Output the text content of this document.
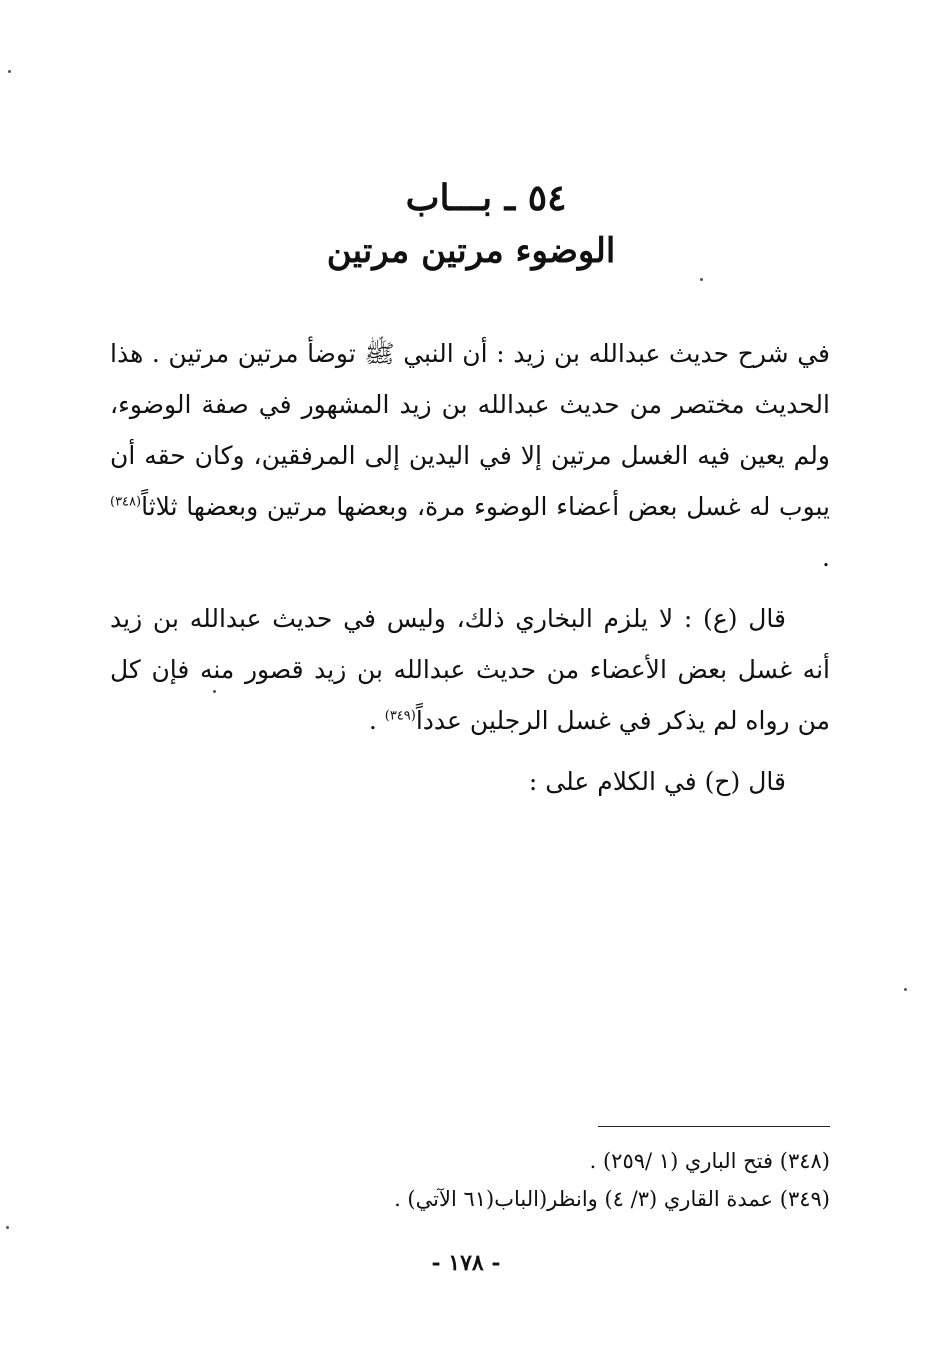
٥٤ ـ بـــاب
الوضوء مرتين مرتين

في شرح حديث عبدالله بن زيد : أن النبي ﷺ توضأ مرتين مرتين . هذا الحديث مختصر من حديث عبدالله بن زيد المشهور في صفة الوضوء، ولم يعين فيه الغسل مرتين إلا في اليدين إلى المرفقين، وكان حقه أن يبوب له غسل بعض أعضاء الوضوء مرة، وبعضها مرتين وبعضها ثلاثاً$^{(٣٤٨)}$ .

قال (ع) : لا يلزم البخاري ذلك، وليس في حديث عبدالله بن زيد أنه غسل بعض الأعضاء من حديث عبدالله بن زيد قصور منه فإن كل من رواه لم يذكر في غسل الرجلين عدداً$^{(٣٤٩)}$ .

قال (ح) في الكلام على :

(٣٤٨) فتح الباري (١ /٢٥٩) .

(٣٤٩) عمدة القاري (٣/ ٤) وانظر(الباب(٦١ الآتي) .

- ١٧٨ -
